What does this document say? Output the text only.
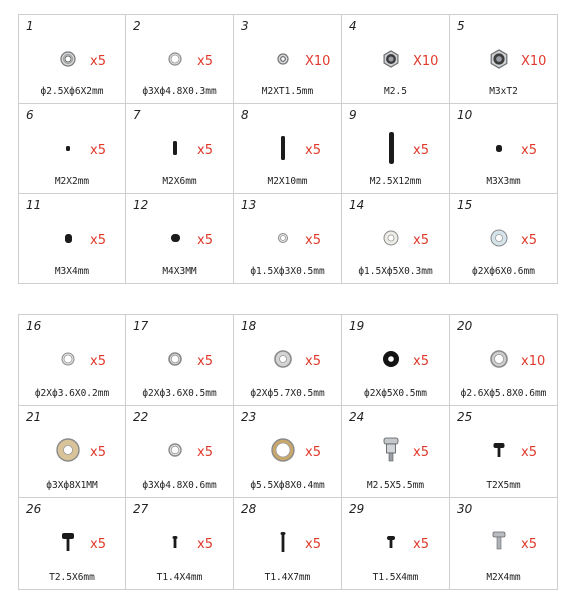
1
x5
ф2.5Xф6X2mm
2
x5
ф3Xф4.8X0.3mm
3
X10
M2XT1.5mm
4
X10
M2.5
5
X10
M3xT2
6
x5
M2X2mm
7
x5
M2X6mm
8
x5
M2X10mm
9
x5
M2.5X12mm
10
x5
M3X3mm
11
x5
M3X4mm
12
x5
M4X3MM
13
x5
ф1.5Xф3X0.5mm
14
x5
ф1.5Xф5X0.3mm
15
x5
ф2Xф6X0.6mm
16
x5
ф2Xф3.6X0.2mm
17
x5
ф2Xф3.6X0.5mm
18
x5
ф2Xф5.7X0.5mm
19
x5
ф2Xф5X0.5mm
20
x10
ф2.6Xф5.8X0.6mm
21
x5
ф3Xф8X1MM
22
x5
ф3Xф4.8X0.6mm
23
x5
ф5.5Xф8X0.4mm
24
x5
M2.5X5.5mm
25
x5
T2X5mm
26
x5
T2.5X6mm
27
x5
T1.4X4mm
28
x5
T1.4X7mm
29
x5
T1.5X4mm
30
x5
M2X4mm
